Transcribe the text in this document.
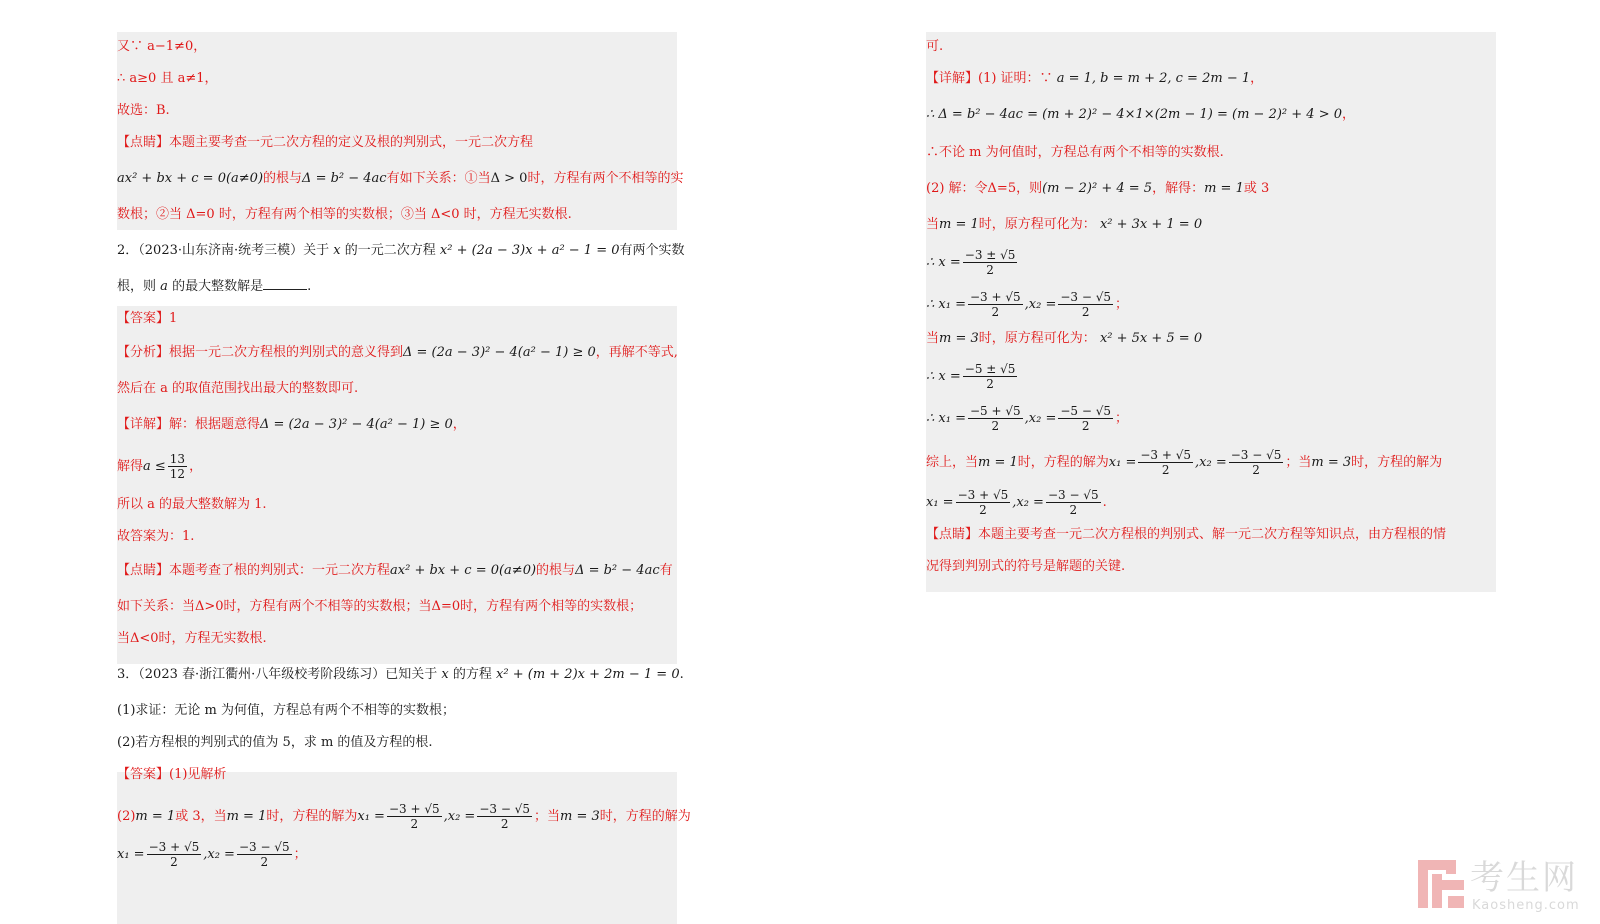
又∵ a−1≠0，
∴ a≥0 且 a≠1，
故选：B.
【点睛】本题主要考查一元二次方程的定义及根的判别式，一元二次方程
ax² + bx + c = 0(a≠0)的根与Δ = b² − 4ac有如下关系：①当Δ > 0时，方程有两个不相等的实
数根；②当 Δ=0 时，方程有两个相等的实数根；③当 Δ<0 时，方程无实数根.
2．（2023·山东济南·统考三模）关于 x 的一元二次方程 x² + (2a − 3)x + a² − 1 = 0有两个实数
根，则 a 的最大整数解是	.
【答案】1
【分析】根据一元二次方程根的判别式的意义得到Δ = (2a − 3)² − 4(a² − 1) ≥ 0，再解不等式,
然后在 a 的取值范围找出最大的整数即可.
【详解】解：根据题意得Δ = (2a − 3)² − 4(a² − 1) ≥ 0，
解得$a \le \frac{13}{12}$ ，
所以 a 的最大整数解为 1.
故答案为：1.
【点睛】本题考查了根的判别式：一元二次方程ax² + bx + c = 0(a≠0)的根与Δ = b² − 4ac有
如下关系：当Δ>0时，方程有两个不相等的实数根；当Δ=0时，方程有两个相等的实数根；
当Δ<0时，方程无实数根.
3．（2023 春·浙江衢州·八年级校考阶段练习）已知关于 x 的方程 x² + (m + 2)x + 2m − 1 = 0.
(1)求证：无论 m 为何值，方程总有两个不相等的实数根；
(2)若方程根的判别式的值为 5，求 m 的值及方程的根.
【答案】(1)见解析
(2)m = 1或 3，当m = 1时，方程的解为$x_1 = \frac{-3 + √5}{2} ,x_2 = \frac{-3 - √5}{2}$ ；当m = 3时，方程的解为
$x_1 = \frac{-3 + √5}{2} ,x_2 = \frac{-3 - √5}{2}$ ；
可.
【详解】(1) 证明：∵ a = 1, b = m + 2, c = 2m − 1，
∴ Δ = b² − 4ac = (m + 2)² − 4×1×(2m − 1) = (m − 2)² + 4 > 0，
∴不论 m 为何值时，方程总有两个不相等的实数根.
(2) 解：令Δ=5，则(m − 2)² + 4 = 5，解得：m = 1或 3
当m = 1时，原方程可化为： x² + 3x + 1 = 0
∴ $x = \frac{-3 \pm √5}{2}$
∴ $x_1 = \frac{-3 + √5}{2} ,x_2 = \frac{-3 - √5}{2}$ ；
当m = 3时，原方程可化为： x² + 5x + 5 = 0
∴ $x = \frac{-5 \pm √5}{2}$
∴ $x_1 = \frac{-5 + √5}{2} ,x_2 = \frac{-5 - √5}{2}$ ；
综上，当m = 1时，方程的解为$x_1 = \frac{-3 + √5}{2} ,x_2 = \frac{-3 - √5}{2}$ ；当m = 3时，方程的解为
$x_1 = \frac{-3 + √5}{2} ,x_2 = \frac{-3 - √5}{2}$ .
【点睛】本题主要考查一元二次方程根的判别式、解一元二次方程等知识点，由方程根的情
况得到判别式的符号是解题的关键.
考生网
Kaosheng.com
